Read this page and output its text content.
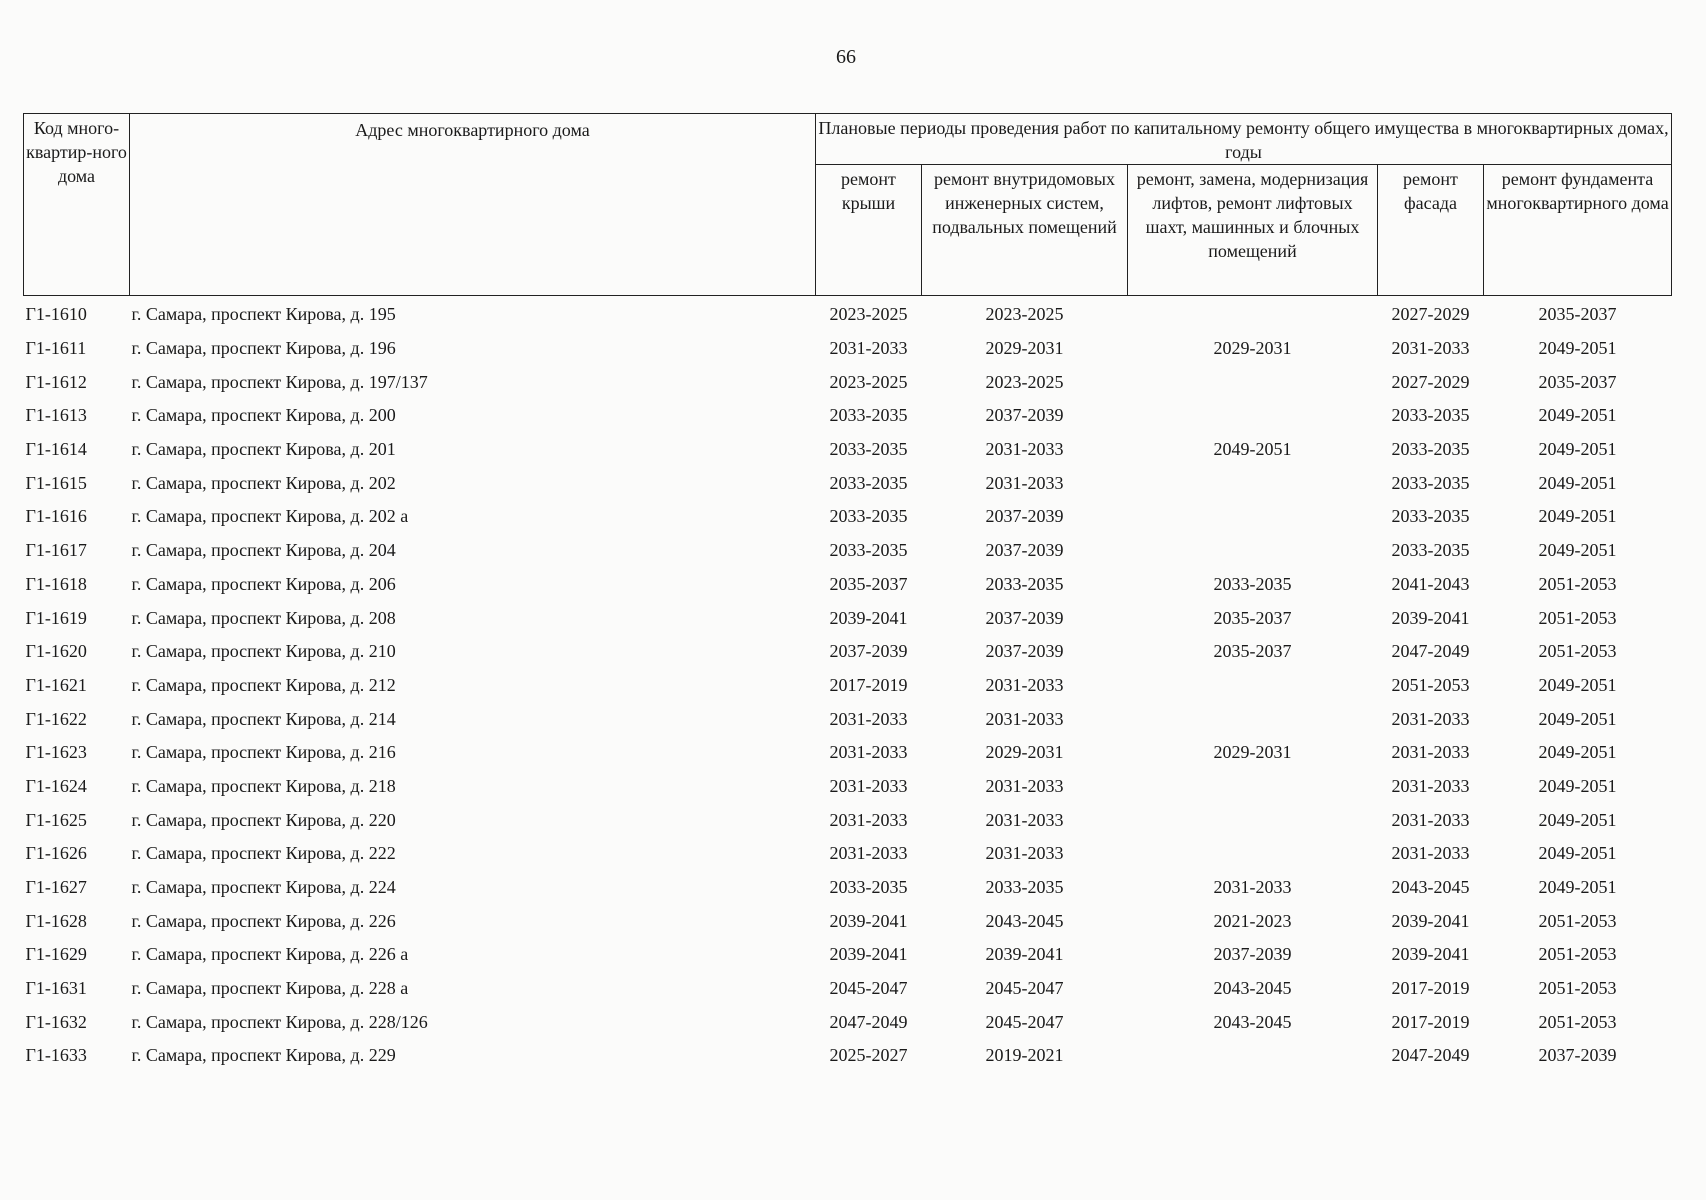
66
Код много-квартир-ного дома	Адрес многоквартирного дома	Плановые периоды проведения работ по капитальному ремонту общего имущества в многоквартирных домах, годы				
		ремонт крыши	ремонт внутридомовых инженерных систем, подвальных помещений	ремонт, замена, модернизация лифтов, ремонт лифтовых шахт, машинных и блочных помещений	ремонт фасада	ремонт фундамента многоквартирного дома
Г1-1610	г. Самара, проспект Кирова, д. 195	2023-2025	2023-2025		2027-2029	2035-2037
Г1-1611	г. Самара, проспект Кирова, д. 196	2031-2033	2029-2031	2029-2031	2031-2033	2049-2051
Г1-1612	г. Самара, проспект Кирова, д. 197/137	2023-2025	2023-2025		2027-2029	2035-2037
Г1-1613	г. Самара, проспект Кирова, д. 200	2033-2035	2037-2039		2033-2035	2049-2051
Г1-1614	г. Самара, проспект Кирова, д. 201	2033-2035	2031-2033	2049-2051	2033-2035	2049-2051
Г1-1615	г. Самара, проспект Кирова, д. 202	2033-2035	2031-2033		2033-2035	2049-2051
Г1-1616	г. Самара, проспект Кирова, д. 202 а	2033-2035	2037-2039		2033-2035	2049-2051
Г1-1617	г. Самара, проспект Кирова, д. 204	2033-2035	2037-2039		2033-2035	2049-2051
Г1-1618	г. Самара, проспект Кирова, д. 206	2035-2037	2033-2035	2033-2035	2041-2043	2051-2053
Г1-1619	г. Самара, проспект Кирова, д. 208	2039-2041	2037-2039	2035-2037	2039-2041	2051-2053
Г1-1620	г. Самара, проспект Кирова, д. 210	2037-2039	2037-2039	2035-2037	2047-2049	2051-2053
Г1-1621	г. Самара, проспект Кирова, д. 212	2017-2019	2031-2033		2051-2053	2049-2051
Г1-1622	г. Самара, проспект Кирова, д. 214	2031-2033	2031-2033		2031-2033	2049-2051
Г1-1623	г. Самара, проспект Кирова, д. 216	2031-2033	2029-2031	2029-2031	2031-2033	2049-2051
Г1-1624	г. Самара, проспект Кирова, д. 218	2031-2033	2031-2033		2031-2033	2049-2051
Г1-1625	г. Самара, проспект Кирова, д. 220	2031-2033	2031-2033		2031-2033	2049-2051
Г1-1626	г. Самара, проспект Кирова, д. 222	2031-2033	2031-2033		2031-2033	2049-2051
Г1-1627	г. Самара, проспект Кирова, д. 224	2033-2035	2033-2035	2031-2033	2043-2045	2049-2051
Г1-1628	г. Самара, проспект Кирова, д. 226	2039-2041	2043-2045	2021-2023	2039-2041	2051-2053
Г1-1629	г. Самара, проспект Кирова, д. 226 а	2039-2041	2039-2041	2037-2039	2039-2041	2051-2053
Г1-1631	г. Самара, проспект Кирова, д. 228 а	2045-2047	2045-2047	2043-2045	2017-2019	2051-2053
Г1-1632	г. Самара, проспект Кирова, д. 228/126	2047-2049	2045-2047	2043-2045	2017-2019	2051-2053
Г1-1633	г. Самара, проспект Кирова, д. 229	2025-2027	2019-2021		2047-2049	2037-2039
